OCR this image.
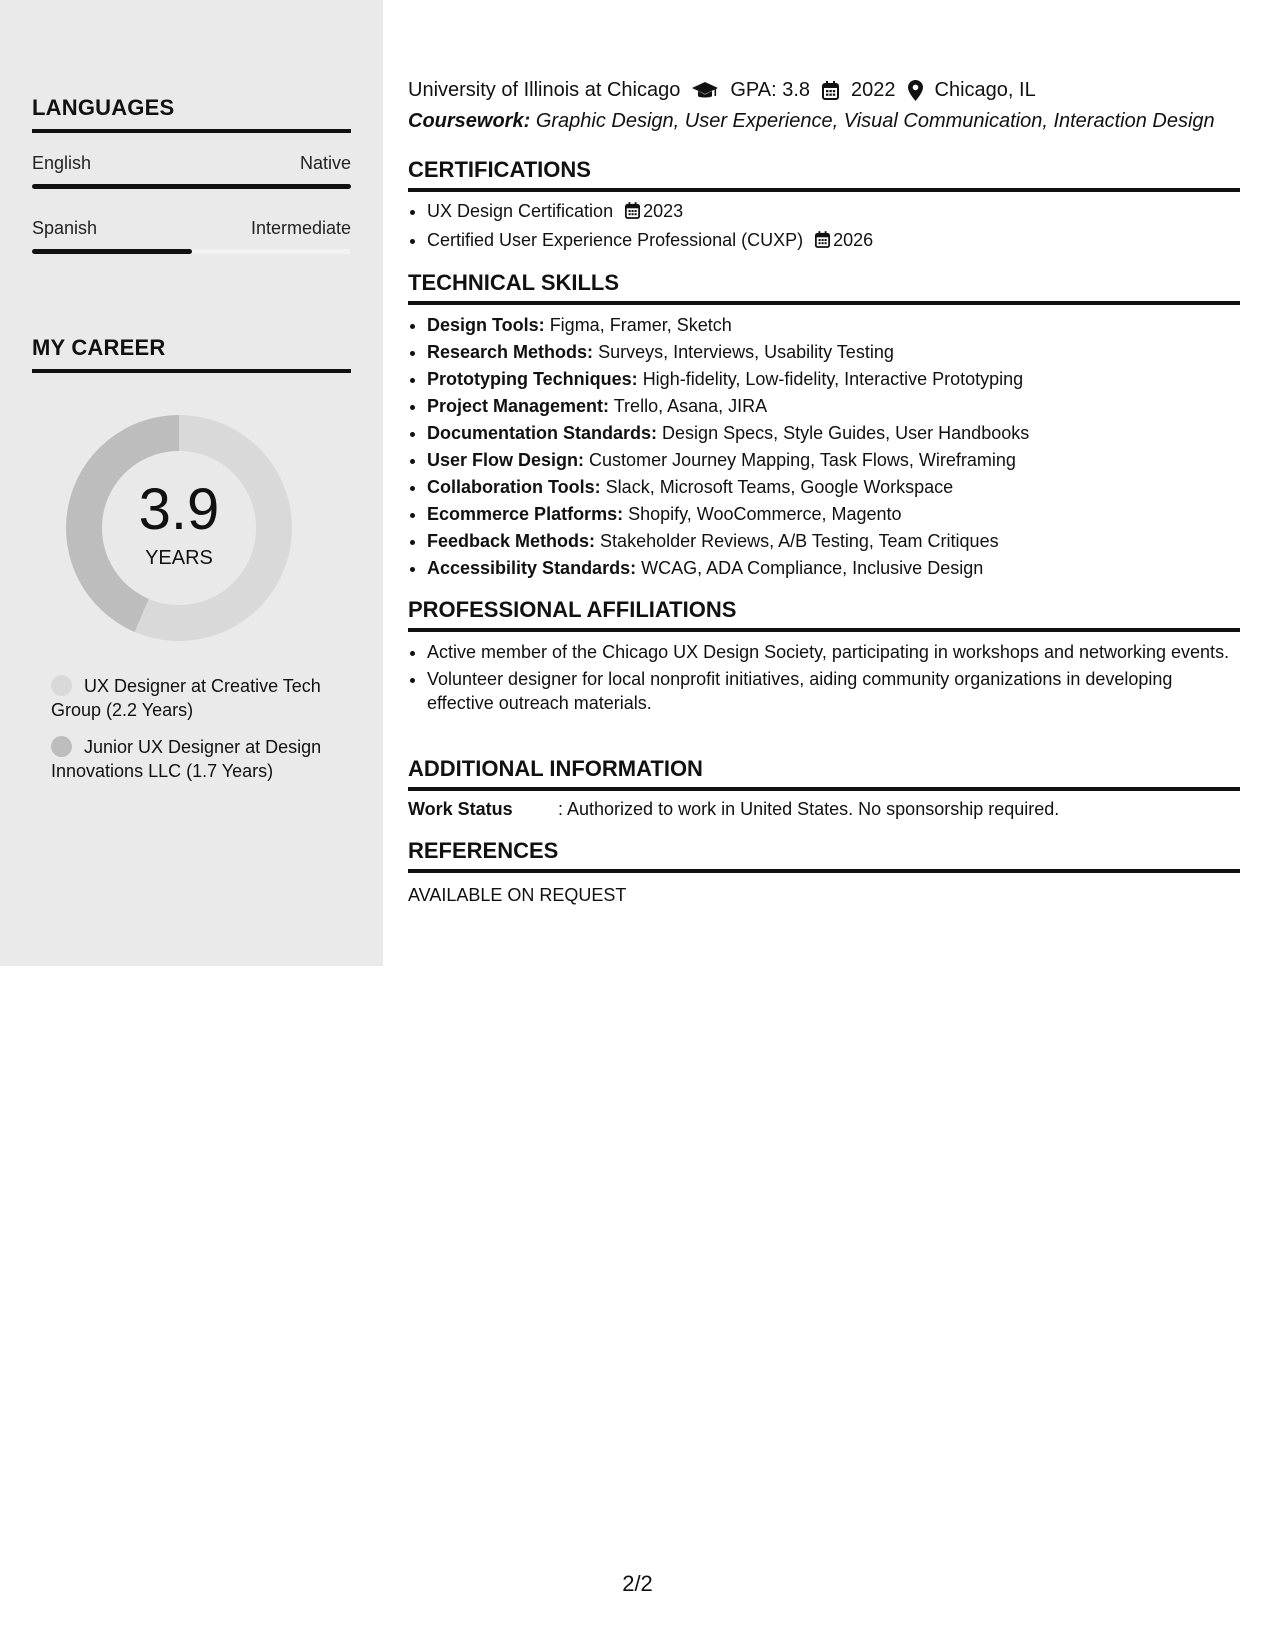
LANGUAGES
English	Native
Spanish	Intermediate
MY CAREER
3.9
YEARS
UX Designer at Creative Tech Group (2.2 Years)
Junior UX Designer at Design Innovations LLC (1.7 Years)
University of Illinois at Chicago	GPA: 3.8 2022 Chicago, IL
Coursework: Graphic Design, User Experience, Visual Communication, Interaction Design
CERTIFICATIONS
• UX Design Certification 2023
• Certified User Experience Professional (CUXP) 2026
TECHNICAL SKILLS
• Design Tools: Figma, Framer, Sketch
• Research Methods: Surveys, Interviews, Usability Testing
• Prototyping Techniques: High-fidelity, Low-fidelity, Interactive Prototyping
• Project Management: Trello, Asana, JIRA
• Documentation Standards: Design Specs, Style Guides, User Handbooks
• User Flow Design: Customer Journey Mapping, Task Flows, Wireframing
• Collaboration Tools: Slack, Microsoft Teams, Google Workspace
• Ecommerce Platforms: Shopify, WooCommerce, Magento
• Feedback Methods: Stakeholder Reviews, A/B Testing, Team Critiques
• Accessibility Standards: WCAG, ADA Compliance, Inclusive Design
PROFESSIONAL AFFILIATIONS
• Active member of the Chicago UX Design Society, participating in workshops and networking events.
• Volunteer designer for local nonprofit initiatives, aiding community organizations in developing effective outreach materials.
ADDITIONAL INFORMATION
Work Status	: Authorized to work in United States. No sponsorship required.
REFERENCES
AVAILABLE ON REQUEST
2/2
